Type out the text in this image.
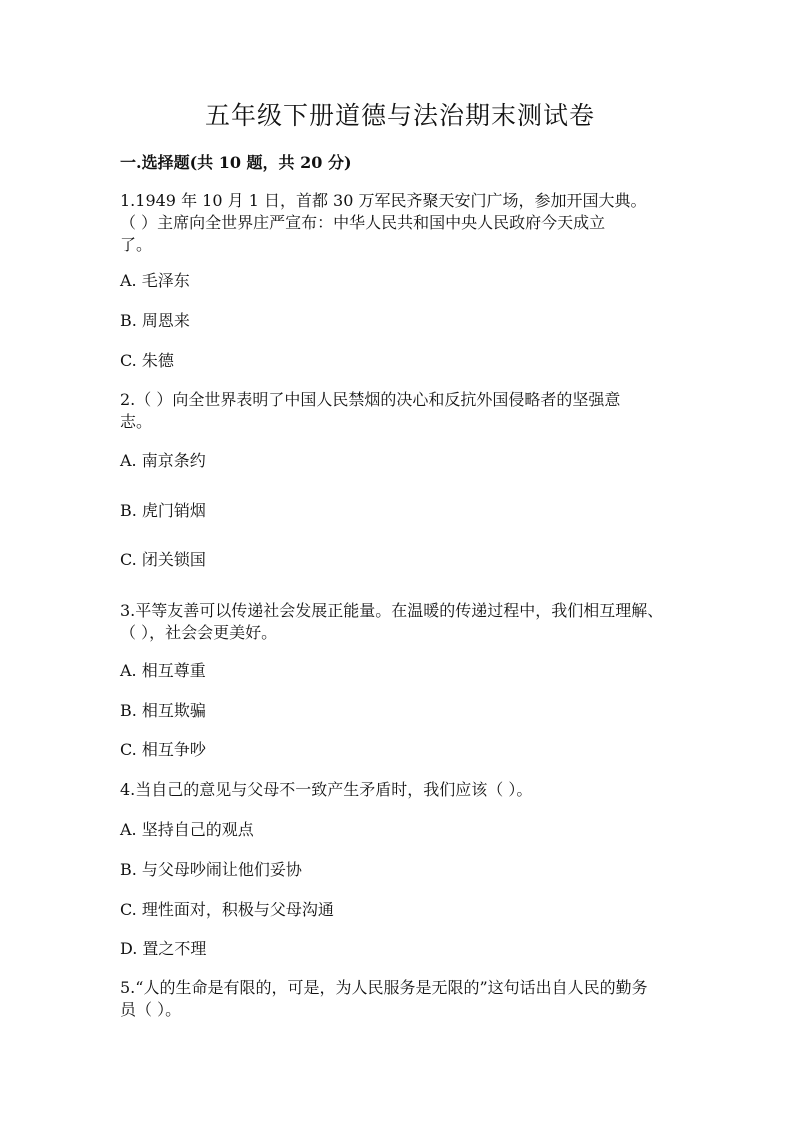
五年级下册道德与法治期末测试卷
一.选择题(共 10 题，共 20 分)
1.1949 年 10 月 1 日，首都 30 万军民齐聚天安门广场，参加开国大典。
（ ）主席向全世界庄严宣布：中华人民共和国中央人民政府今天成立
了。
A. 毛泽东
B. 周恩来
C. 朱德
2.（ ）向全世界表明了中国人民禁烟的决心和反抗外国侵略者的坚强意
志。
A. 南京条约
B. 虎门销烟
C. 闭关锁国
3.平等友善可以传递社会发展正能量。在温暖的传递过程中，我们相互理解、
（ ），社会会更美好。
A. 相互尊重
B. 相互欺骗
C. 相互争吵
4.当自己的意见与父母不一致产生矛盾时，我们应该（ ）。
A. 坚持自己的观点
B. 与父母吵闹让他们妥协
C. 理性面对，积极与父母沟通
D. 置之不理
5.“人的生命是有限的，可是，为人民服务是无限的”这句话出自人民的勤务
员（ ）。
